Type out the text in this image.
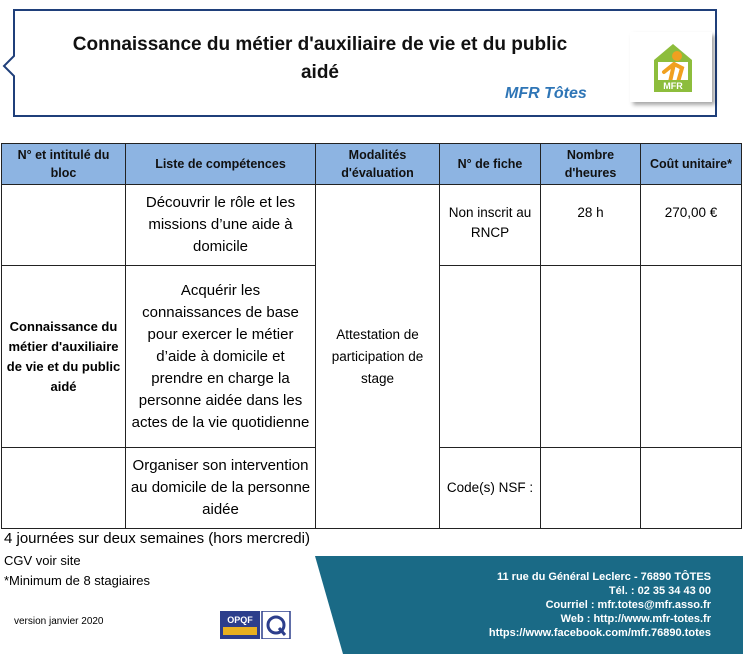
Connaissance du métier d'auxiliaire de vie et du public
aidé
MFR Tôtes	MFR
N° et intitulé du bloc	Liste de compétences	Modalités d'évaluation	N° de fiche	Nombre d'heures	Coût unitaire*
	Découvrir le rôle et les missions d’une aide à domicile	Attestation de participation de stage	Non inscrit au RNCP	28 h	270,00 €
Connaissance du métier d'auxiliaire de vie et du public aidé	Acquérir les connaissances de base pour exercer le métier d’aide à domicile et prendre en charge la personne aidée dans les actes de la vie quotidienne				
	Organiser son intervention au domicile de la personne aidée		Code(s) NSF :		
4 journées sur deux semaines (hors mercredi)
CGV voir site
*Minimum de 8 stagiaires
version janvier 2020	OPQF
11 rue du Général Leclerc - 76890 TÔTES
Tél. : 02 35 34 43 00
Courriel : mfr.totes@mfr.asso.fr
Web : http://www.mfr-totes.fr
https://www.facebook.com/mfr.76890.totes
